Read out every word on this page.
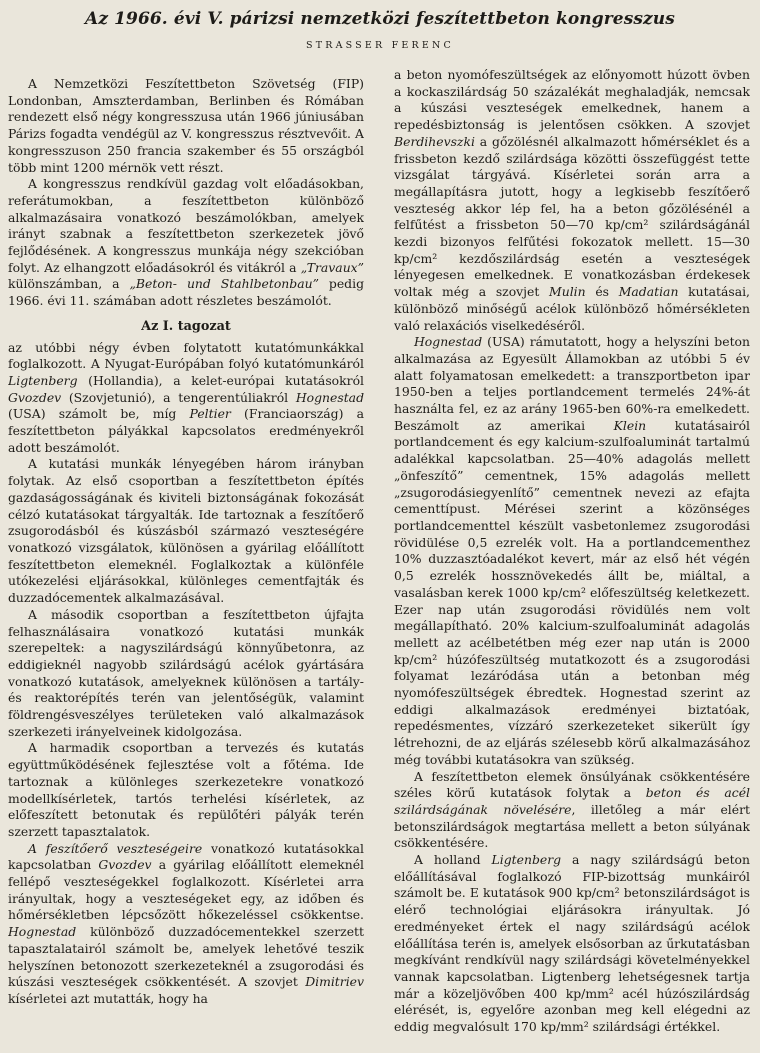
Az 1966. évi V. párizsi nemzetközi feszítettbeton kongresszus
STRASSER FERENC

A Nemzetközi Feszítettbeton Szövetség (FIP) Londonban, Amszterdamban, Berlinben és Rómában rendezett első négy kongresszusa után 1966 júniusában Párizs fogadta vendégül az V. kongresszus résztvevőit. A kongresszuson 250 francia szakember és 55 országból több mint 1200 mérnök vett részt.

A kongresszus rendkívül gazdag volt előadásokban, referátumokban, a feszítettbeton különböző alkalmazásaira vonatkozó beszámolókban, amelyek irányt szabnak a feszítettbeton szerkezetek jövő fejlődésének. A kongresszus munkája négy szekcióban folyt. Az elhangzott előadásokról és vitákról a „Travaux” különszámban, a „Beton- und Stahlbetonbau” pedig 1966. évi 11. számában adott részletes beszámolót.

Az I. tagozat

az utóbbi négy évben folytatott kutatómunkákkal foglalkozott. A Nyugat-Európában folyó kutatómunkáról Ligtenberg (Hollandia), a kelet-európai kutatásokról Gvozdev (Szovjetunió), a tengerentúliakról Hognestad (USA) számolt be, míg Peltier (Franciaország) a feszítettbeton pályákkal kapcsolatos eredményekről adott beszámolót.

A kutatási munkák lényegében három irányban folytak. Az első csoportban a feszítettbeton építés gazdaságosságának és kiviteli biztonságának fokozását célzó kutatásokat tárgyalták. Ide tartoznak a feszítőerő zsugorodásból és kúszásból származó veszteségére vonatkozó vizsgálatok, különösen a gyárilag előállított feszítettbeton elemeknél. Foglalkoztak a különféle utókezelési eljárásokkal, különleges cementfajták és duzzadócementek alkalmazásával.

A második csoportban a feszítettbeton újfajta felhasználásaira vonatkozó kutatási munkák szerepeltek: a nagyszilárdságú könnyűbetonra, az eddigieknél nagyobb szilárdságú acélok gyártására vonatkozó kutatások, amelyeknek különösen a tartály- és reaktorépítés terén van jelentőségük, valamint földrengésveszélyes területeken való alkalmazások szerkezeti irányelveinek kidolgozása.

A harmadik csoportban a tervezés és kutatás együttműködésének fejlesztése volt a főtéma. Ide tartoznak a különleges szerkezetekre vonatkozó modellkísérletek, tartós terhelési kísérletek, az előfeszített betonutak és repülőtéri pályák terén szerzett tapasztalatok.

A feszítőerő veszteségeire vonatkozó kutatásokkal kapcsolatban Gvozdev a gyárilag előállított elemeknél fellépő veszteségekkel foglalkozott. Kísérletei arra irányultak, hogy a veszteségeket egy, az időben és hőmérsékletben lépcsőzött hőkezeléssel csökkentse. Hognestad különböző duzzadócementekkel szerzett tapasztalatairól számolt be, amelyek lehetővé teszik helyszínen betonozott szerkezeteknél a zsugorodási és kúszási veszteségek csökkentését. A szovjet Dimitriev kísérletei azt mutatták, hogy ha

a beton nyomófeszültségek az előnyomott húzott övben a kockaszilárdság 50 százalékát meghaladják, nemcsak a kúszási veszteségek emelkednek, hanem a repedésbiztonság is jelentősen csökken. A szovjet Berdihevszki a gőzölésnél alkalmazott hőmérséklet és a frissbeton kezdő szilárdsága közötti összefüggést tette vizsgálat tárgyává. Kísérletei során arra a megállapításra jutott, hogy a legkisebb feszítőerő veszteség akkor lép fel, ha a beton gőzölésénél a felfűtést a frissbeton 50—70 kp/cm² szilárdságánál kezdi bizonyos felfűtési fokozatok mellett. 15—30 kp/cm² kezdőszilárdság esetén a veszteségek lényegesen emelkednek. E vonatkozásban érdekesek voltak még a szovjet Mulin és Madatian kutatásai, különböző minőségű acélok különböző hőmérsékleten való relaxációs viselkedéséről.

Hognestad (USA) rámutatott, hogy a helyszíni beton alkalmazása az Egyesült Államokban az utóbbi 5 év alatt folyamatosan emelkedett: a transzportbeton ipar 1950-ben a teljes portlandcement termelés 24%-át használta fel, ez az arány 1965-ben 60%-ra emelkedett. Beszámolt az amerikai Klein kutatásairól portlandcement és egy kalcium-szulfoaluminát tartalmú adalékkal kapcsolatban. 25—40% adagolás mellett „önfeszítő” cementnek, 15% adagolás mellett „zsugorodásiegyenlítő” cementnek nevezi az efajta cementtípust. Mérései szerint a közönséges portlandcementtel készült vasbetonlemez zsugorodási rövidülése 0,5 ezrelék volt. Ha a portlandcementhez 10% duzzasztóadalékot kevert, már az első hét végén 0,5 ezrelék hossznövekedés állt be, miáltal, a vasalásban kerek 1000 kp/cm² előfeszültség keletkezett. Ezer nap után zsugorodási rövidülés nem volt megállapítható. 20% kalcium-szulfoaluminát adagolás mellett az acélbetétben még ezer nap után is 2000 kp/cm² húzófeszültség mutatkozott és a zsugorodási folyamat lezáródása után a betonban még nyomófeszültségek ébredtek. Hognestad szerint az eddigi alkalmazások eredményei biztatóak, repedésmentes, vízzáró szerkezeteket sikerült így létrehozni, de az eljárás szélesebb körű alkalmazásához még további kutatásokra van szükség.

A feszítettbeton elemek önsúlyának csökkentésére széles körű kutatások folytak a beton és acél szilárdságának növelésére, illetőleg a már elért betonszilárdságok megtartása mellett a beton súlyának csökkentésére.

A holland Ligtenberg a nagy szilárdságú beton előállításával foglalkozó FIP-bizottság munkáiról számolt be. E kutatások 900 kp/cm² betonszilárdságot is elérő technológiai eljárásokra irányultak. Jó eredményeket értek el nagy szilárdságú acélok előállítása terén is, amelyek elsősorban az űrkutatásban megkívánt rendkívül nagy szilárdsági követelményekkel vannak kapcsolatban. Ligtenberg lehetségesnek tartja már a közeljövőben 400 kp/mm² acél húzószilárdság elérését, is, egyelőre azonban meg kell elégedni az eddig megvalósult 170 kp/mm² szilárdsági értékkel.
